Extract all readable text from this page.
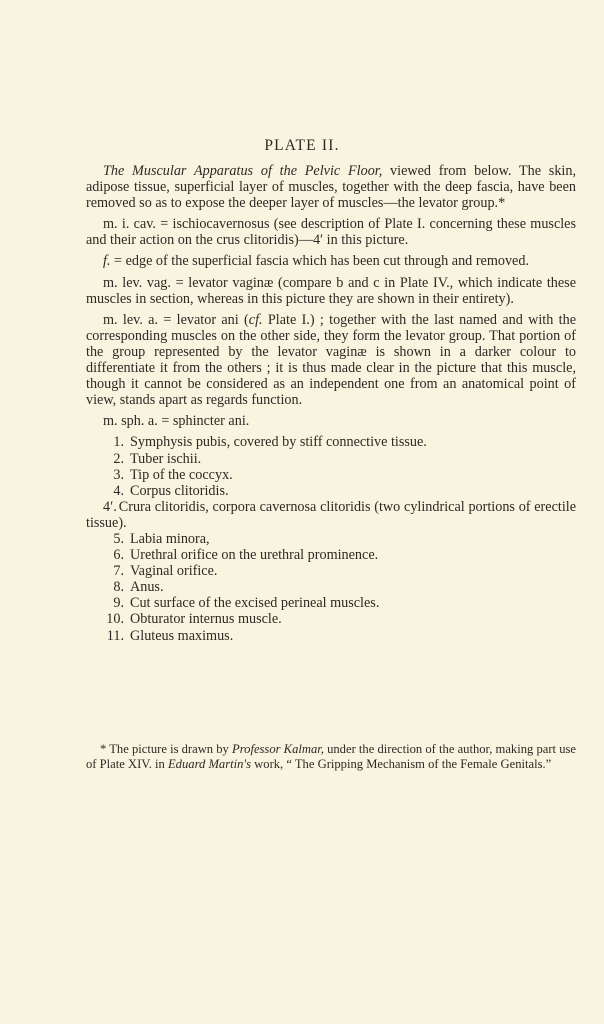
PLATE II.

The Muscular Apparatus of the Pelvic Floor, viewed from below. The skin, adipose tissue, superficial layer of muscles, together with the deep fascia, have been removed so as to expose the deeper layer of muscles—the levator group.*

m. i. cav. = ischiocavernosus (see description of Plate I. concerning these muscles and their action on the crus clitoridis)—4′ in this picture.

f. = edge of the superficial fascia which has been cut through and removed.

m. lev. vag. = levator vaginæ (compare b and c in Plate IV., which indicate these muscles in section, whereas in this picture they are shown in their entirety).

m. lev. a. = levator ani (cf. Plate I.) ; together with the last named and with the corresponding muscles on the other side, they form the levator group. That portion of the group represented by the levator vaginæ is shown in a darker colour to differentiate it from the others ; it is thus made clear in the picture that this muscle, though it cannot be considered as an independent one from an anatomical point of view, stands apart as regards function.

m. sph. a. = sphincter ani.

1. Symphysis pubis, covered by stiff connective tissue.
2. Tuber ischii.
3. Tip of the coccyx.
4. Corpus clitoridis.
4′. Crura clitoridis, corpora cavernosa clitoridis (two cylindrical portions of erectile tissue).
5. Labia minora,
6. Urethral orifice on the urethral prominence.
7. Vaginal orifice.
8. Anus.
9. Cut surface of the excised perineal muscles.
10. Obturator internus muscle.
11. Gluteus maximus.
* The picture is drawn by Professor Kalmar, under the direction of the author, making part use of Plate XIV. in Eduard Martin's work, “ The Gripping Mechanism of the Female Genitals.”
